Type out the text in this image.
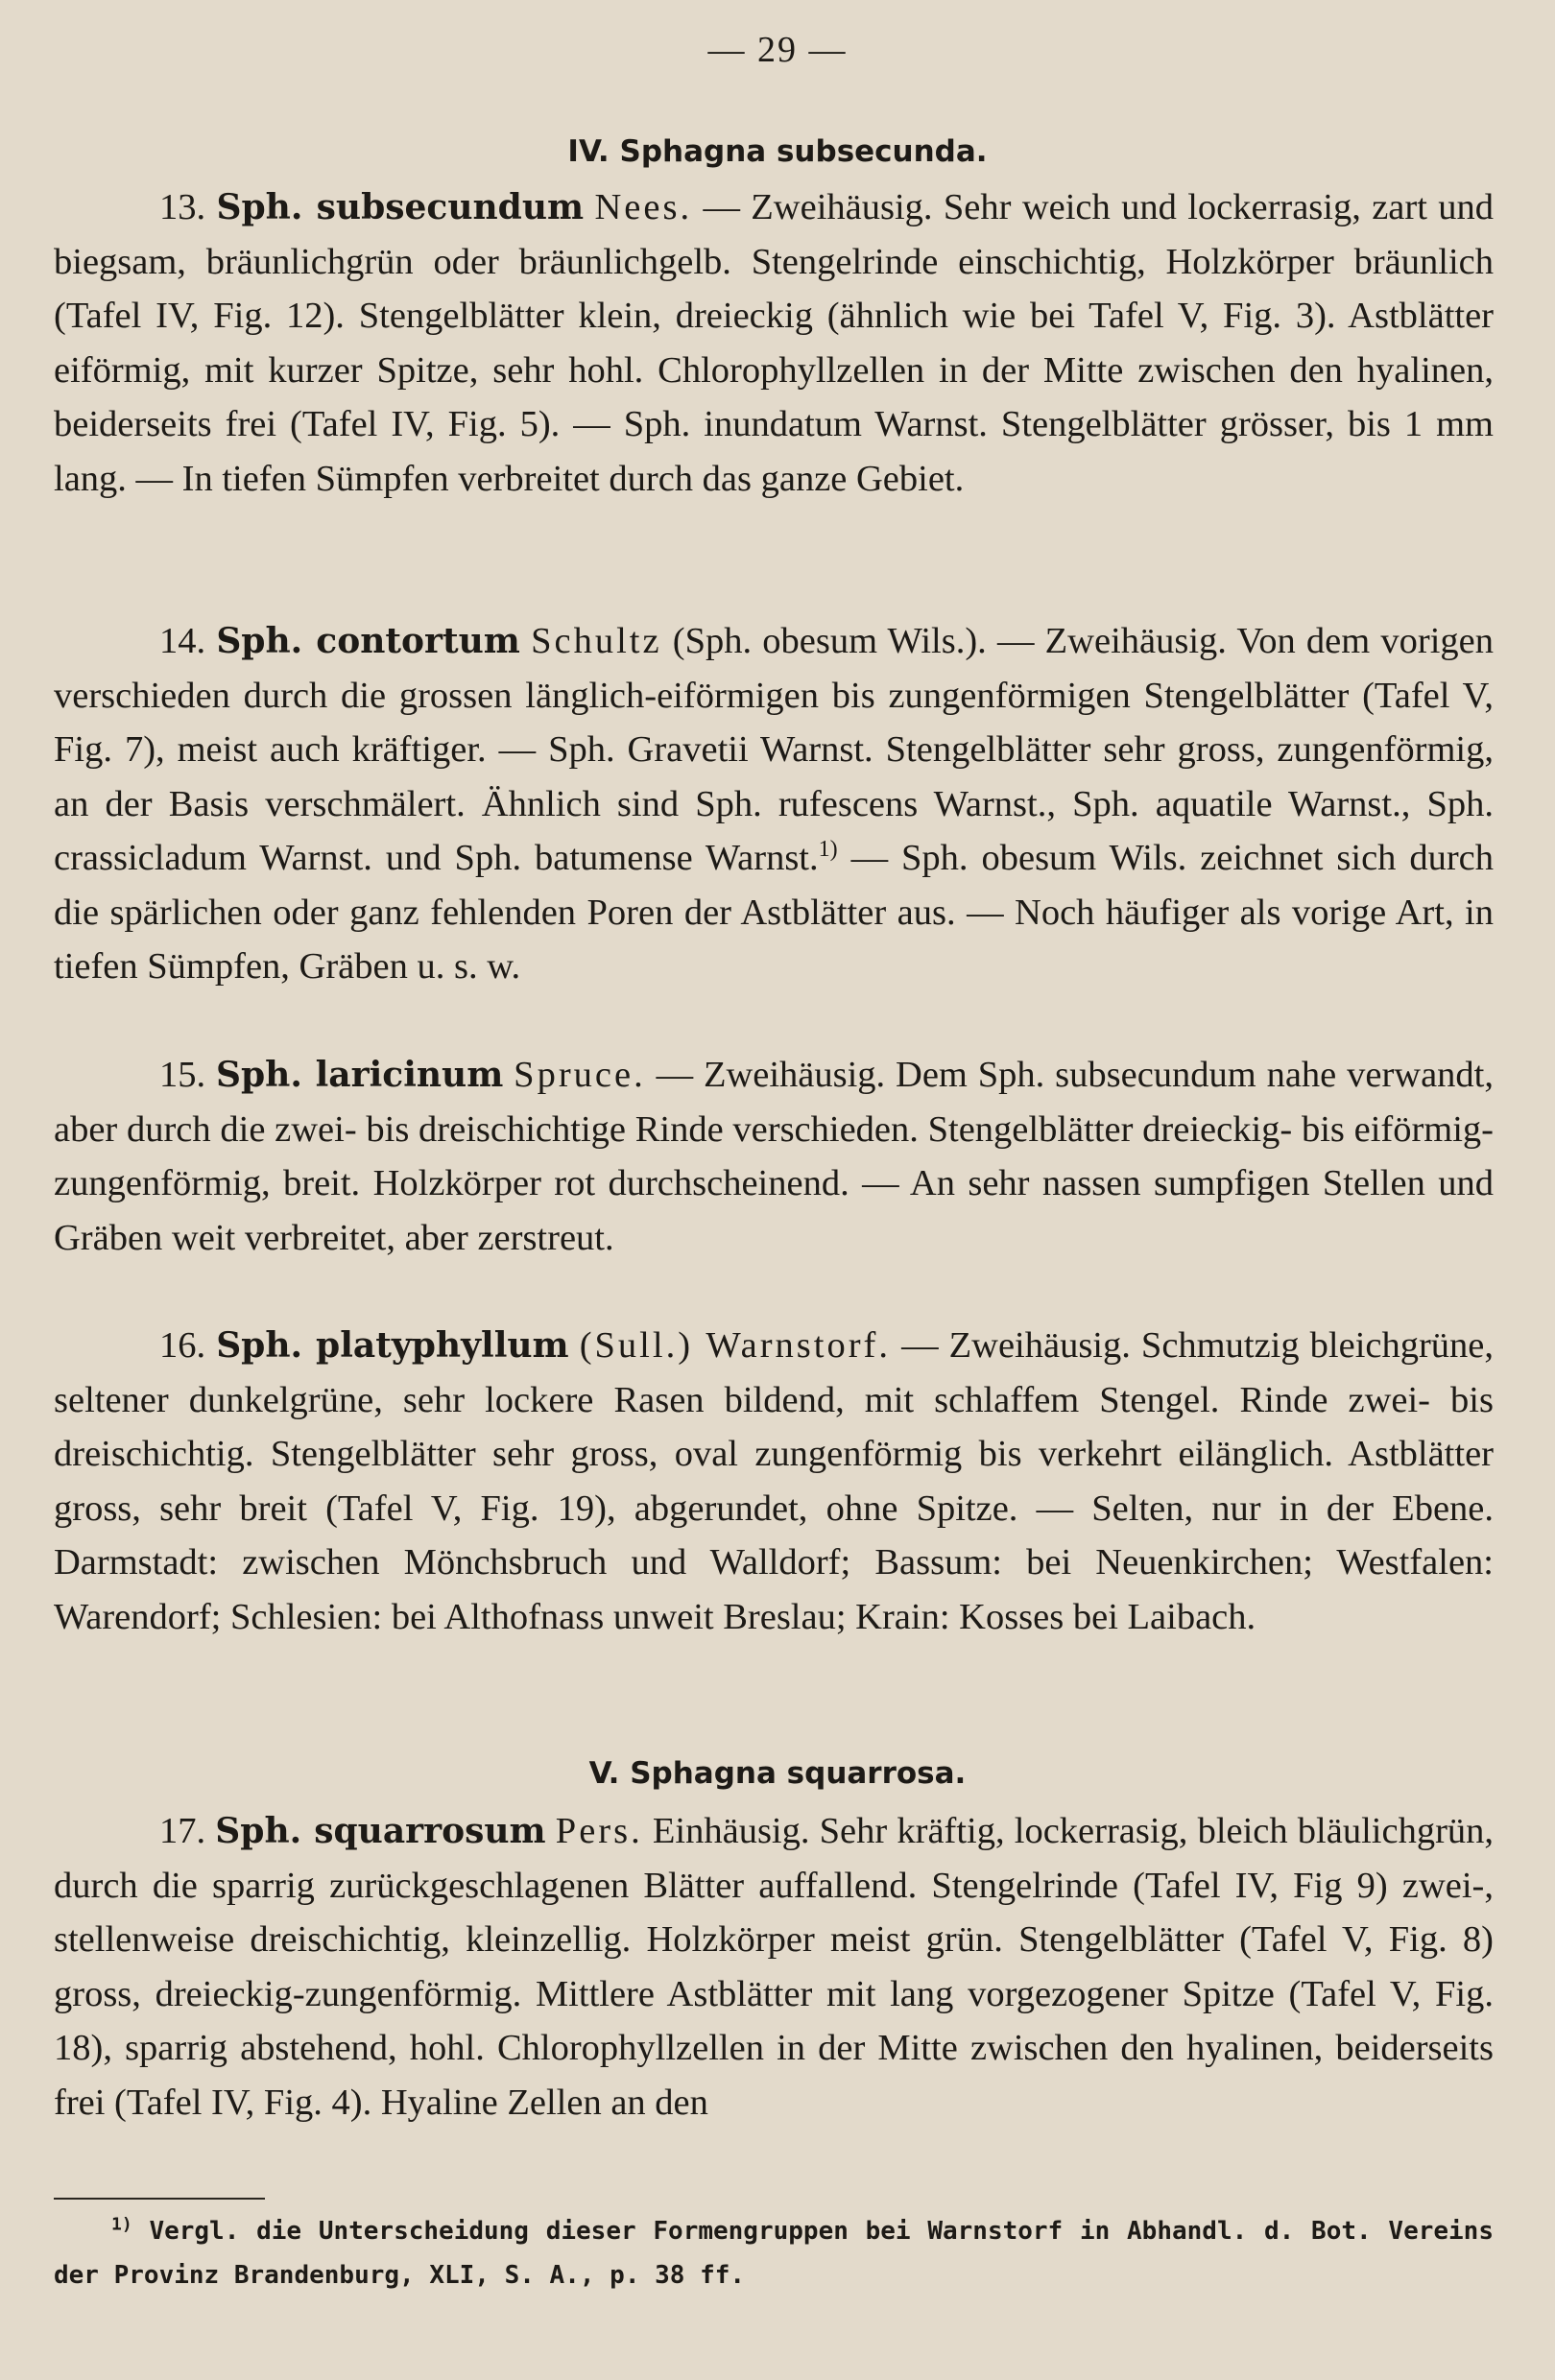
— 29 —
IV. Sphagna subsecunda.

13. Sph. subsecundum Nees. — Zweihäusig. Sehr weich und lockerrasig, zart und biegsam, bräunlichgrün oder bräunlichgelb. Stengelrinde einschichtig, Holzkörper bräunlich (Tafel IV, Fig. 12). Stengelblätter klein, dreieckig (ähnlich wie bei Tafel V, Fig. 3). Astblätter eiförmig, mit kurzer Spitze, sehr hohl. Chlorophyllzellen in der Mitte zwischen den hyalinen, beiderseits frei (Tafel IV, Fig. 5). — Sph. inundatum Warnst. Stengelblätter grösser, bis 1 mm lang. — In tiefen Sümpfen verbreitet durch das ganze Gebiet.

14. Sph. contortum Schultz (Sph. obesum Wils.). — Zweihäusig. Von dem vorigen verschieden durch die grossen länglich-eiförmigen bis zungenförmigen Stengelblätter (Tafel V, Fig. 7), meist auch kräftiger. — Sph. Gravetii Warnst. Stengelblätter sehr gross, zungenförmig, an der Basis verschmälert. Ähnlich sind Sph. rufescens Warnst., Sph. aquatile Warnst., Sph. crassicladum Warnst. und Sph. batumense Warnst.$^{1)}$ — Sph. obesum Wils. zeichnet sich durch die spärlichen oder ganz fehlenden Poren der Astblätter aus. — Noch häufiger als vorige Art, in tiefen Sümpfen, Gräben u. s. w.

15. Sph. laricinum Spruce. — Zweihäusig. Dem Sph. subsecundum nahe verwandt, aber durch die zwei- bis dreischichtige Rinde verschieden. Stengelblätter dreieckig- bis eiförmig-zungenförmig, breit. Holzkörper rot durchscheinend. — An sehr nassen sumpfigen Stellen und Gräben weit verbreitet, aber zerstreut.

16. Sph. platyphyllum (Sull.) Warnstorf. — Zweihäusig. Schmutzig bleichgrüne, seltener dunkelgrüne, sehr lockere Rasen bildend, mit schlaffem Stengel. Rinde zwei- bis dreischichtig. Stengelblätter sehr gross, oval zungenförmig bis verkehrt eilänglich. Astblätter gross, sehr breit (Tafel V, Fig. 19), abgerundet, ohne Spitze. — Selten, nur in der Ebene. Darmstadt: zwischen Mönchsbruch und Walldorf; Bassum: bei Neuenkirchen; Westfalen: Warendorf; Schlesien: bei Althofnass unweit Breslau; Krain: Kosses bei Laibach.

V. Sphagna squarrosa.

17. Sph. squarrosum Pers. Einhäusig. Sehr kräftig, lockerrasig, bleich bläulichgrün, durch die sparrig zurückgeschlagenen Blätter auffallend. Stengelrinde (Tafel IV, Fig 9) zwei-, stellenweise dreischichtig, kleinzellig. Holzkörper meist grün. Stengelblätter (Tafel V, Fig. 8) gross, dreieckig-zungenförmig. Mittlere Astblätter mit lang vorgezogener Spitze (Tafel V, Fig. 18), sparrig abstehend, hohl. Chlorophyllzellen in der Mitte zwischen den hyalinen, beiderseits frei (Tafel IV, Fig. 4). Hyaline Zellen an den

$^{1)}$ Vergl. die Unterscheidung dieser Formengruppen bei Warnstorf in Abhandl. d. Bot. Vereins der Provinz Brandenburg, XLI, S. A., p. 38 ff.
